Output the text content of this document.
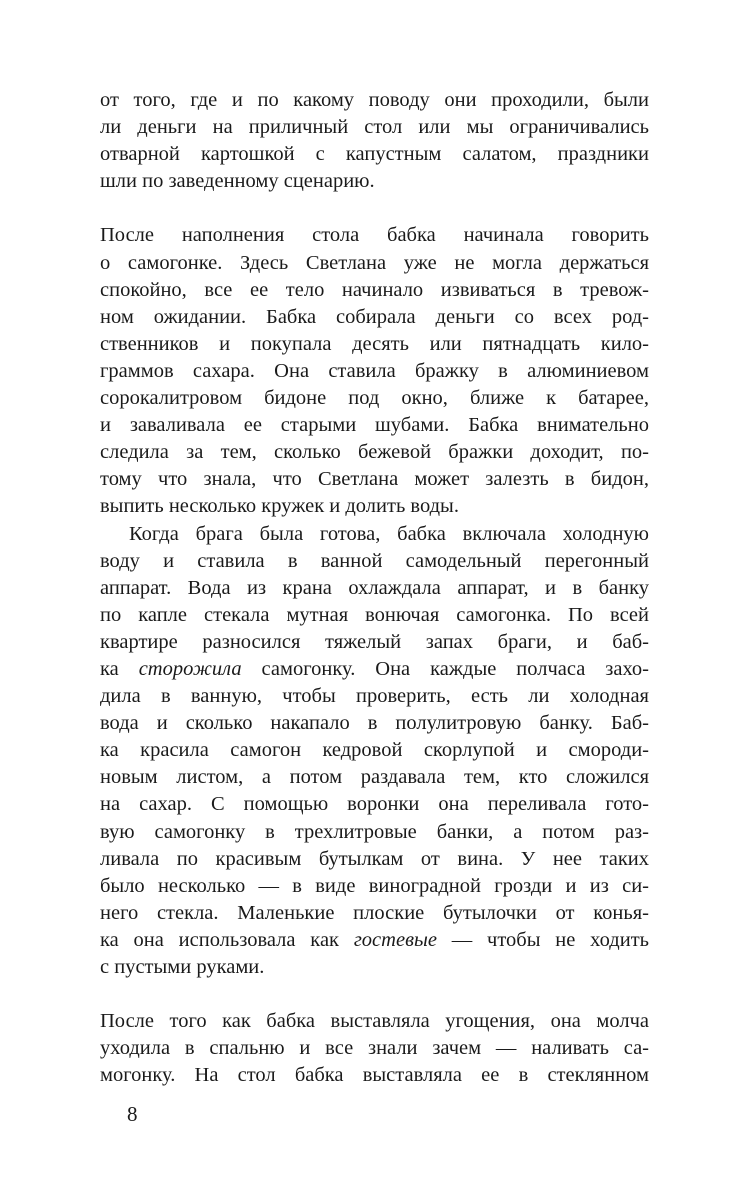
от того, где и по какому поводу они проходили, были
ли деньги на приличный стол или мы ограничивались
отварной картошкой с капустным салатом, праздники
шли по заведенному сценарию.
После наполнения стола бабка начинала говорить
о самогонке. Здесь Светлана уже не могла держаться
спокойно, все ее тело начинало извиваться в тревож-
ном ожидании. Бабка собирала деньги со всех род-
ственников и покупала десять или пятнадцать кило-
граммов сахара. Она ставила бражку в алюминиевом
сорокалитровом бидоне под окно, ближе к батарее,
и заваливала ее старыми шубами. Бабка внимательно
следила за тем, сколько бежевой бражки доходит, по-
тому что знала, что Светлана может залезть в бидон,
выпить несколько кружек и долить воды.
Когда брага была готова, бабка включала холодную
воду и ставила в ванной самодельный перегонный
аппарат. Вода из крана охлаждала аппарат, и в банку
по капле стекала мутная вонючая самогонка. По всей
квартире разносился тяжелый запах браги, и баб-
ка сторожила самогонку. Она каждые полчаса захо-
дила в ванную, чтобы проверить, есть ли холодная
вода и сколько накапало в полулитровую банку. Баб-
ка красила самогон кедровой скорлупой и смороди-
новым листом, а потом раздавала тем, кто сложился
на сахар. С помощью воронки она переливала гото-
вую самогонку в трехлитровые банки, а потом раз-
ливала по красивым бутылкам от вина. У нее таких
было несколько — в виде виноградной грозди и из си-
него стекла. Маленькие плоские бутылочки от конья-
ка она использовала как гостевые — чтобы не ходить
с пустыми руками.
После того как бабка выставляла угощения, она молча
уходила в спальню и все знали зачем — наливать са-
могонку. На стол бабка выставляла ее в стеклянном
8
